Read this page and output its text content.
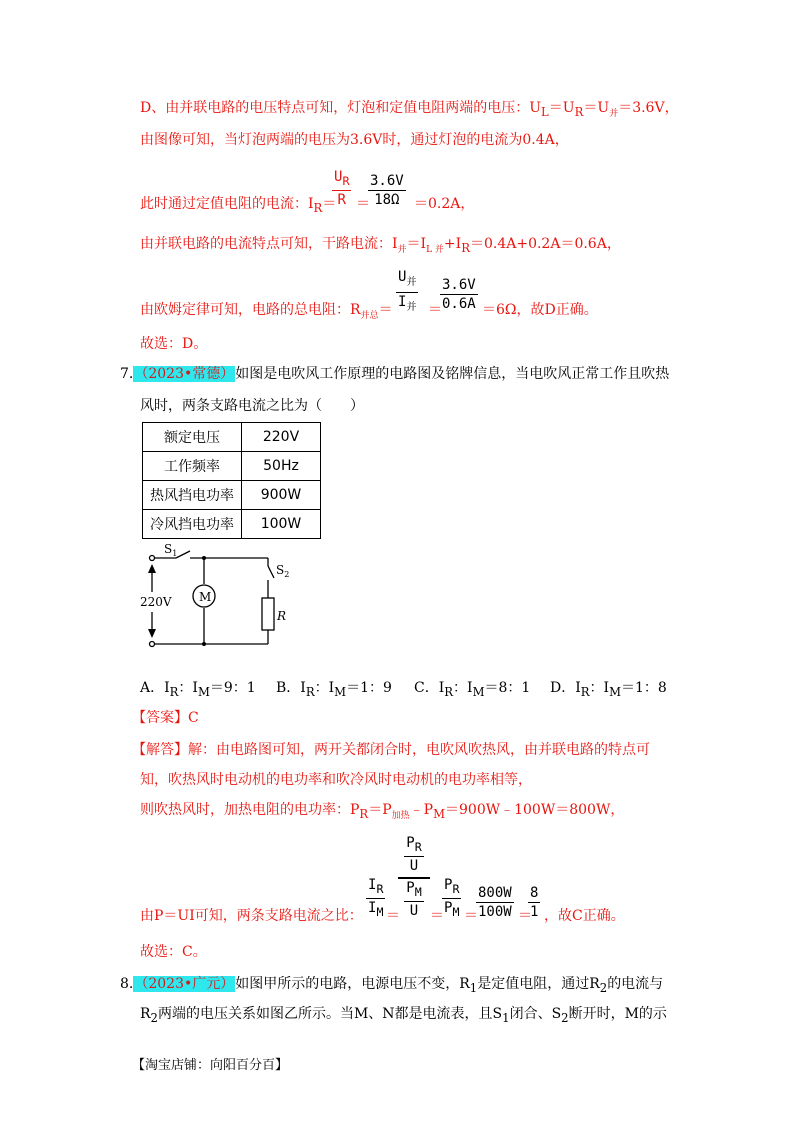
D、由并联电路的电压特点可知，灯泡和定值电阻两端的电压：$U_L=U_R=U_并=3.6V$，
由图像可知，当灯泡两端的电压为3.6V时，通过灯泡的电流为0.4A，
此时通过定值电阻的电流：$I_R=$
$\frac{U_R}{R}$ ＝
$\frac{3.6V}{18\Omega} =0.2A$，
由并联电路的电流特点可知，干路电流：$I_并=I_{L 并}+I_R=0.4A+0.2A=0.6A$，
由欧姆定律可知，电路的总电阻：$R_{并总}=$
$U_并$
$I_并$ ＝
$\frac{3.6V}{0.6A} =6\Omega$，故D正确。
故选：D。
7.（2023•常德）如图是电吹风工作原理的电路图及铭牌信息，当电吹风正常工作且吹热
风时，两条支路电流之比为（　　）
额定电压	220V
工作频率	50Hz
热风挡电功率	900W
冷风挡电功率	100W
$S_1$
$S_2$
220V M
R
A．$I_R$：$I_M=9$：1 B．$I_R$：$I_M=1$：9 C．$I_R$：$I_M=8$：1 D．$I_R$：$I_M=1$：8
【答案】C
【解答】解：由电路图可知，两开关都闭合时，电吹风吹热风，由并联电路的特点可
知，吹热风时电动机的电功率和吹冷风时电动机的电功率相等，
则吹热风时，加热电阻的电功率：$P_R=P_{加热}﹣P_M=900W﹣100W=800W$，
由P＝UI可知，两条支路电流之比： $\frac{I_R}{I_M}$ ＝
$P_R$
U
$P_M$
U ＝
$\frac{P_R}{P_M}$ ＝
$\frac{800W}{100W}$ ＝
$\frac{8}{1}$ ，故C正确。
故选：C。
8.（2023•广元）如图甲所示的电路，电源电压不变，$R_1$是定值电阻，通过$R_2$的电流与
$R_2$两端的电压关系如图乙所示。当M、N都是电流表，且$S_1$闭合、$S_2$断开时，M的示
【淘宝店铺：向阳百分百】
